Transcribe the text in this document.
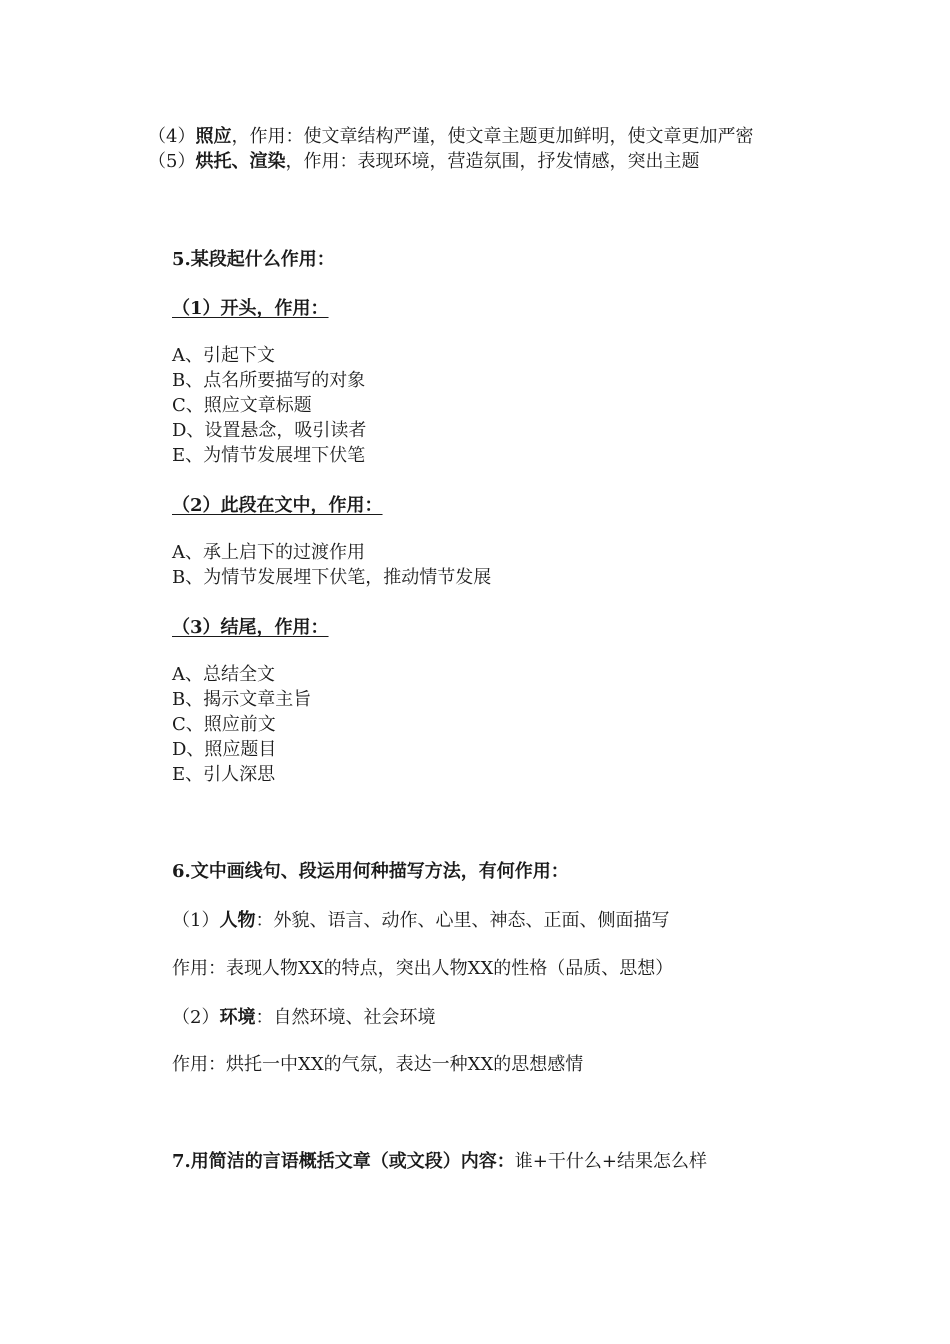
（4）照应，作用：使文章结构严谨，使文章主题更加鲜明，使文章更加严密
（5）烘托、渲染，作用：表现环境，营造氛围，抒发情感，突出主题
5.某段起什么作用：
（1）开头，作用：
A、引起下文
B、点名所要描写的对象
C、照应文章标题
D、设置悬念，吸引读者
E、为情节发展埋下伏笔
（2）此段在文中，作用：
A、承上启下的过渡作用
B、为情节发展埋下伏笔，推动情节发展
（3）结尾，作用：
A、总结全文
B、揭示文章主旨
C、照应前文
D、照应题目
E、引人深思
6.文中画线句、段运用何种描写方法，有何作用：
（1）人物：外貌、语言、动作、心里、神态、正面、侧面描写
作用：表现人物XX的特点，突出人物XX的性格（品质、思想）
（2）环境：自然环境、社会环境
作用：烘托一中XX的气氛，表达一种XX的思想感情
7.用简洁的言语概括文章（或文段）内容：谁+干什么+结果怎么样
